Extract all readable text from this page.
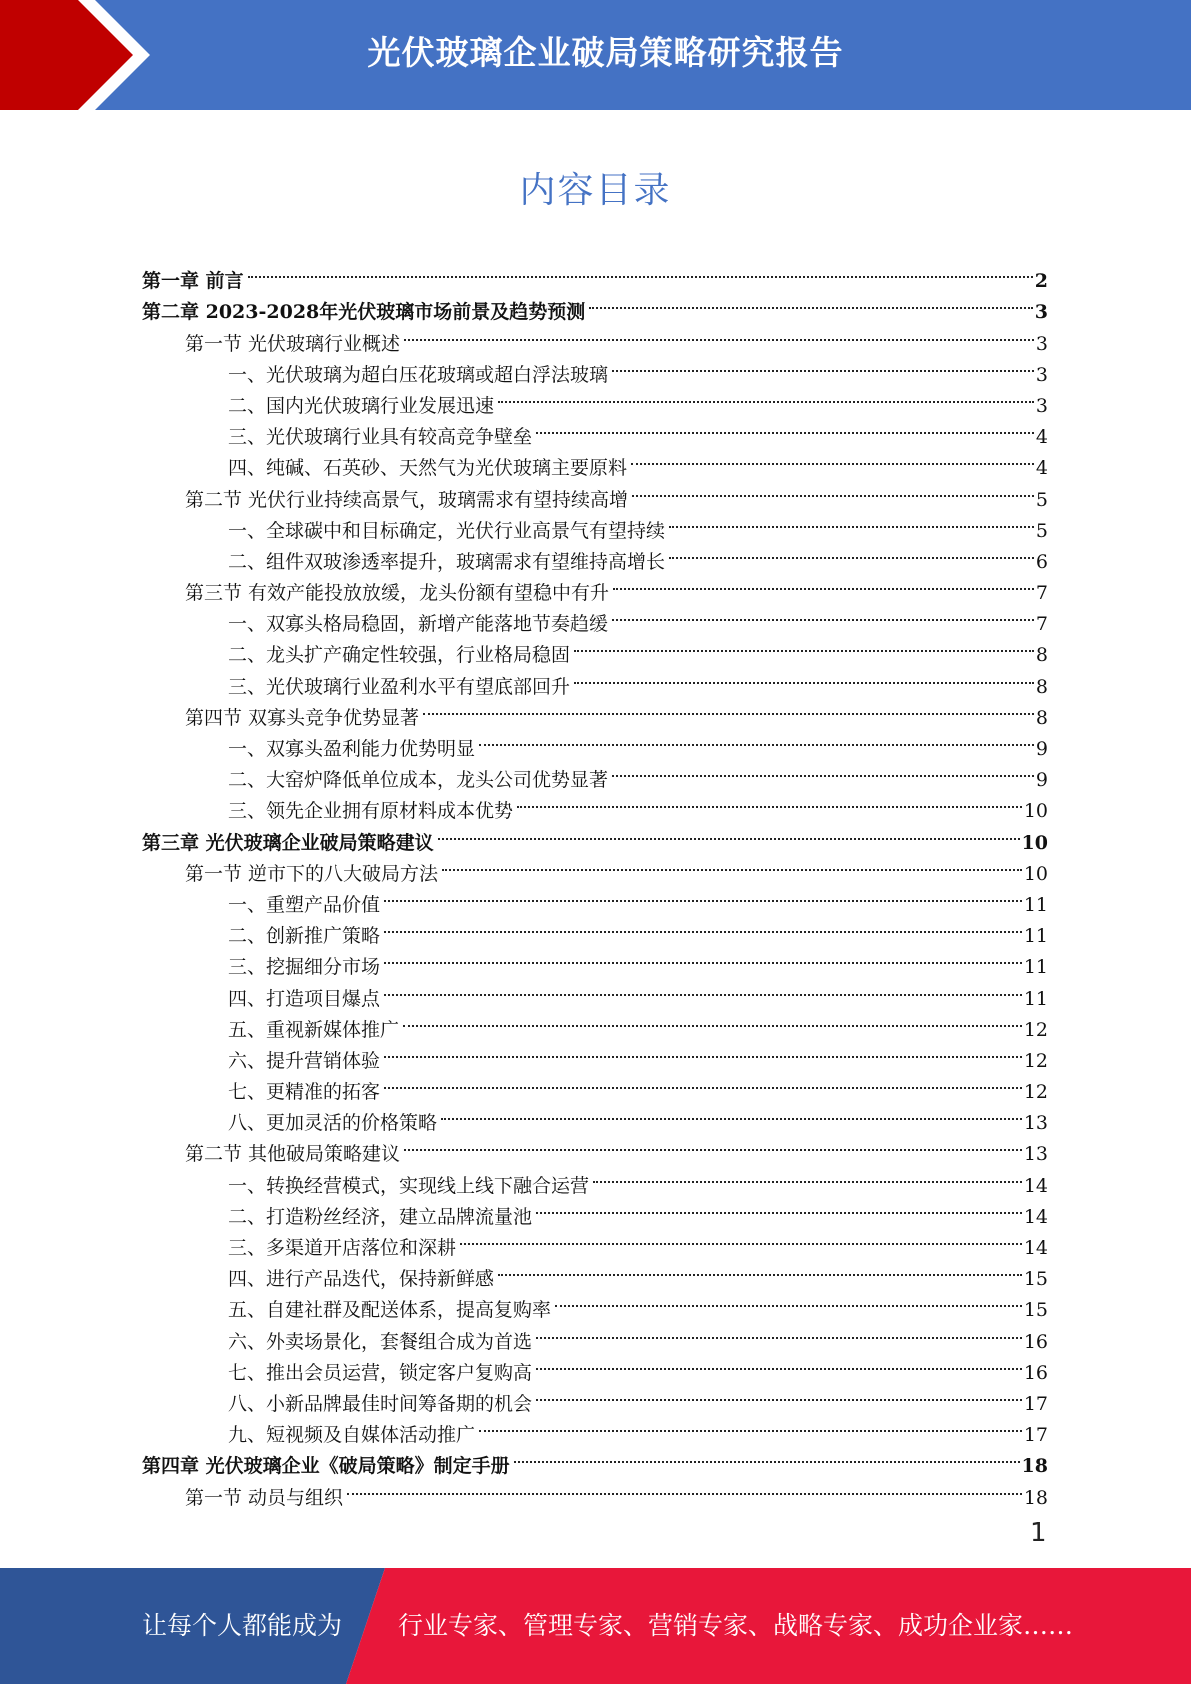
光伏玻璃企业破局策略研究报告
内容目录
第一章 前言	2
第二章 2023-2028年光伏玻璃市场前景及趋势预测	3
第一节 光伏玻璃行业概述	3
一、光伏玻璃为超白压花玻璃或超白浮法玻璃	3
二、国内光伏玻璃行业发展迅速	3
三、光伏玻璃行业具有较高竞争壁垒	4
四、纯碱、石英砂、天然气为光伏玻璃主要原料	4
第二节 光伏行业持续高景气，玻璃需求有望持续高增	5
一、全球碳中和目标确定，光伏行业高景气有望持续	5
二、组件双玻渗透率提升，玻璃需求有望维持高增长	6
第三节 有效产能投放放缓，龙头份额有望稳中有升	7
一、双寡头格局稳固，新增产能落地节奏趋缓	7
二、龙头扩产确定性较强，行业格局稳固	8
三、光伏玻璃行业盈利水平有望底部回升	8
第四节 双寡头竞争优势显著	8
一、双寡头盈利能力优势明显	9
二、大窑炉降低单位成本，龙头公司优势显著	9
三、领先企业拥有原材料成本优势	10
第三章 光伏玻璃企业破局策略建议	10
第一节 逆市下的八大破局方法	10
一、重塑产品价值	11
二、创新推广策略	11
三、挖掘细分市场	11
四、打造项目爆点	11
五、重视新媒体推广	12
六、提升营销体验	12
七、更精准的拓客	12
八、更加灵活的价格策略	13
第二节 其他破局策略建议	13
一、转换经营模式，实现线上线下融合运营	14
二、打造粉丝经济，建立品牌流量池	14
三、多渠道开店落位和深耕	14
四、进行产品迭代，保持新鲜感	15
五、自建社群及配送体系，提高复购率	15
六、外卖场景化，套餐组合成为首选	16
七、推出会员运营，锁定客户复购高	16
八、小新品牌最佳时间筹备期的机会	17
九、短视频及自媒体活动推广	17
第四章 光伏玻璃企业《破局策略》制定手册	18
第一节 动员与组织	18
1
让每个人都能成为 行业专家、管理专家、营销专家、战略专家、成功企业家……
